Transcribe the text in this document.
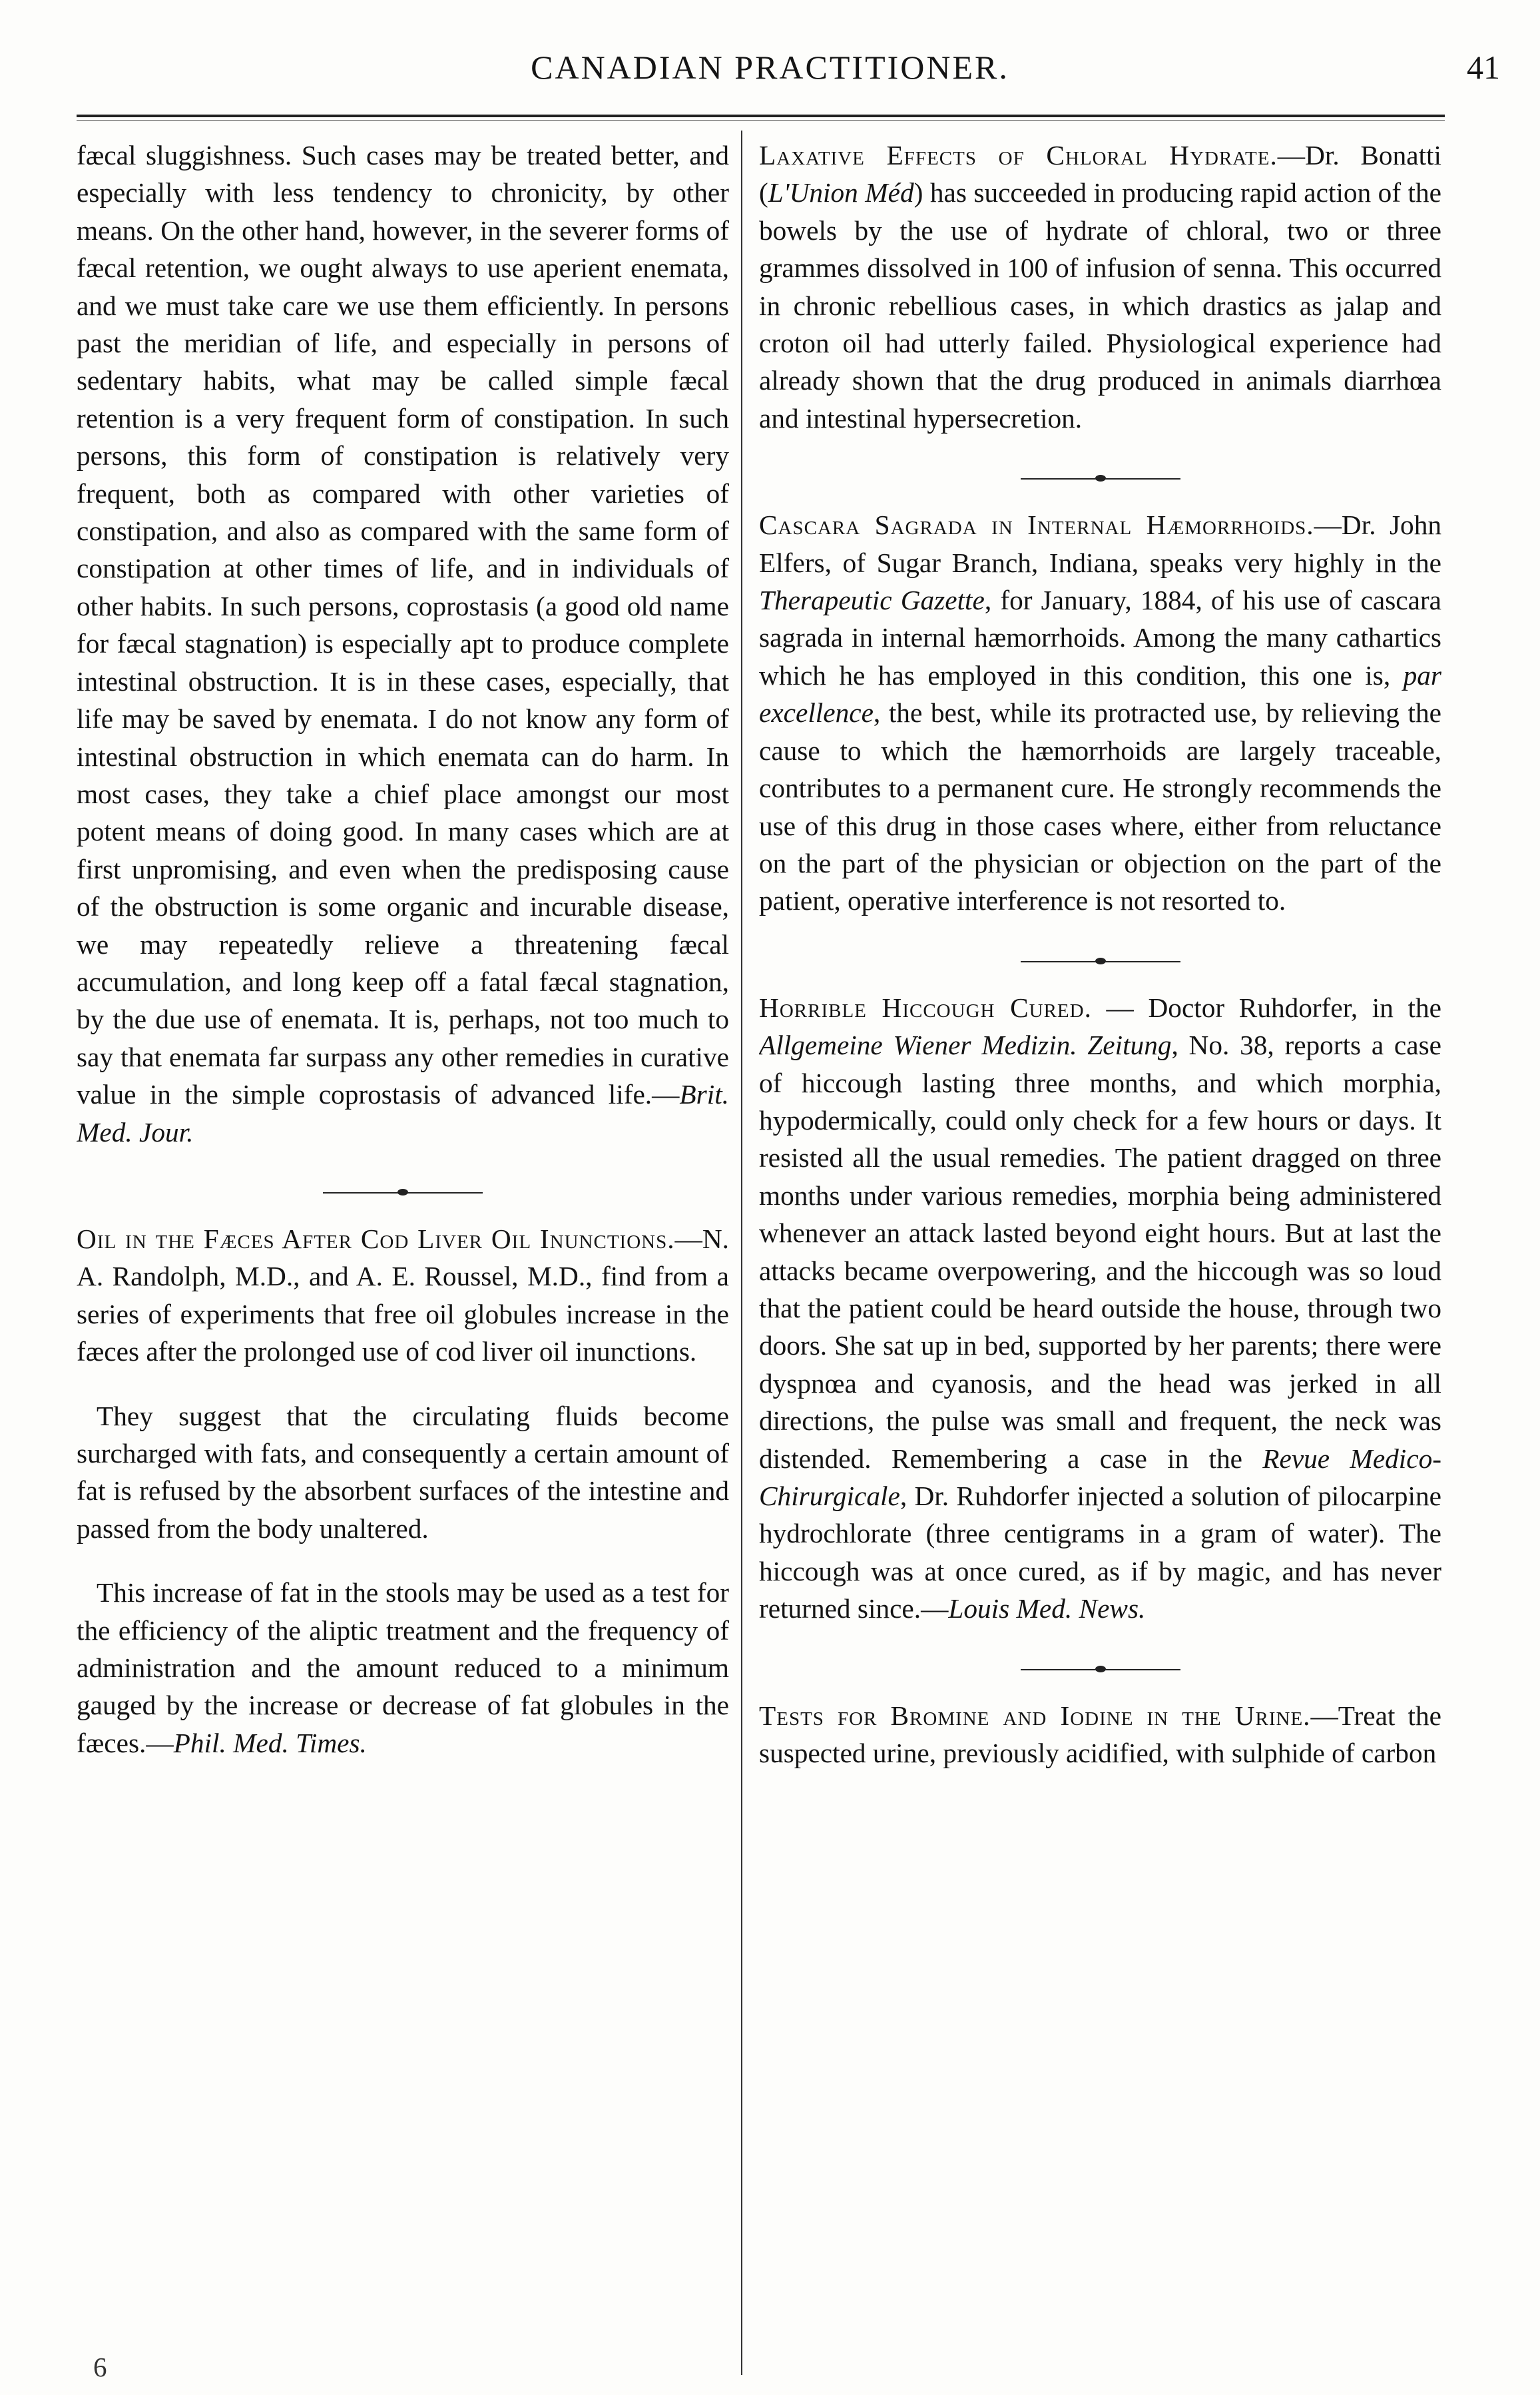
CANADIAN PRACTITIONER.	41

fæcal sluggishness. Such cases may be treated better, and especially with less tendency to chronicity, by other means. On the other hand, however, in the severer forms of fæcal retention, we ought always to use aperient enemata, and we must take care we use them efficiently. In persons past the meridian of life, and especially in persons of sedentary habits, what may be called simple fæcal retention is a very frequent form of constipation. In such persons, this form of constipation is relatively very frequent, both as compared with other varieties of constipation, and also as compared with the same form of constipation at other times of life, and in individuals of other habits. In such persons, coprostasis (a good old name for fæcal stagnation) is especially apt to produce complete intestinal obstruction. It is in these cases, especially, that life may be saved by enemata. I do not know any form of intestinal obstruction in which enemata can do harm. In most cases, they take a chief place amongst our most potent means of doing good. In many cases which are at first unpromising, and even when the predisposing cause of the obstruction is some organic and incurable disease, we may repeatedly relieve a threatening fæcal accumulation, and long keep off a fatal fæcal stagnation, by the due use of enemata. It is, perhaps, not too much to say that enemata far surpass any other remedies in curative value in the simple coprostasis of advanced life.—Brit. Med. Jour.

Oil in the Fæces After Cod Liver Oil Inunctions.—N. A. Randolph, M.D., and A. E. Roussel, M.D., find from a series of experiments that free oil globules increase in the fæces after the prolonged use of cod liver oil inunctions.

They suggest that the circulating fluids become surcharged with fats, and consequently a certain amount of fat is refused by the absorbent surfaces of the intestine and passed from the body unaltered.

This increase of fat in the stools may be used as a test for the efficiency of the aliptic treatment and the frequency of administration and the amount reduced to a minimum gauged by the increase or decrease of fat globules in the fæces.—Phil. Med. Times.

Laxative Effects of Chloral Hydrate.—Dr. Bonatti (L'Union Méd) has succeeded in producing rapid action of the bowels by the use of hydrate of chloral, two or three grammes dissolved in 100 of infusion of senna. This occurred in chronic rebellious cases, in which drastics as jalap and croton oil had utterly failed. Physiological experience had already shown that the drug produced in animals diarrhœa and intestinal hypersecretion.

Cascara Sagrada in Internal Hæmorrhoids.—Dr. John Elfers, of Sugar Branch, Indiana, speaks very highly in the Therapeutic Gazette, for January, 1884, of his use of cascara sagrada in internal hæmorrhoids. Among the many cathartics which he has employed in this condition, this one is, par excellence, the best, while its protracted use, by relieving the cause to which the hæmorrhoids are largely traceable, contributes to a permanent cure. He strongly recommends the use of this drug in those cases where, either from reluctance on the part of the physician or objection on the part of the patient, operative interference is not resorted to.

Horrible Hiccough Cured. — Doctor Ruhdorfer, in the Allgemeine Wiener Medizin. Zeitung, No. 38, reports a case of hiccough lasting three months, and which morphia, hypodermically, could only check for a few hours or days. It resisted all the usual remedies. The patient dragged on three months under various remedies, morphia being administered whenever an attack lasted beyond eight hours. But at last the attacks became overpowering, and the hiccough was so loud that the patient could be heard outside the house, through two doors. She sat up in bed, supported by her parents; there were dyspnœa and cyanosis, and the head was jerked in all directions, the pulse was small and frequent, the neck was distended. Remembering a case in the Revue Medico-Chirurgicale, Dr. Ruhdorfer injected a solution of pilocarpine hydrochlorate (three centigrams in a gram of water). The hiccough was at once cured, as if by magic, and has never returned since.—Louis Med. News.

Tests for Bromine and Iodine in the Urine.—Treat the suspected urine, previously acidified, with sulphide of carbon

6
